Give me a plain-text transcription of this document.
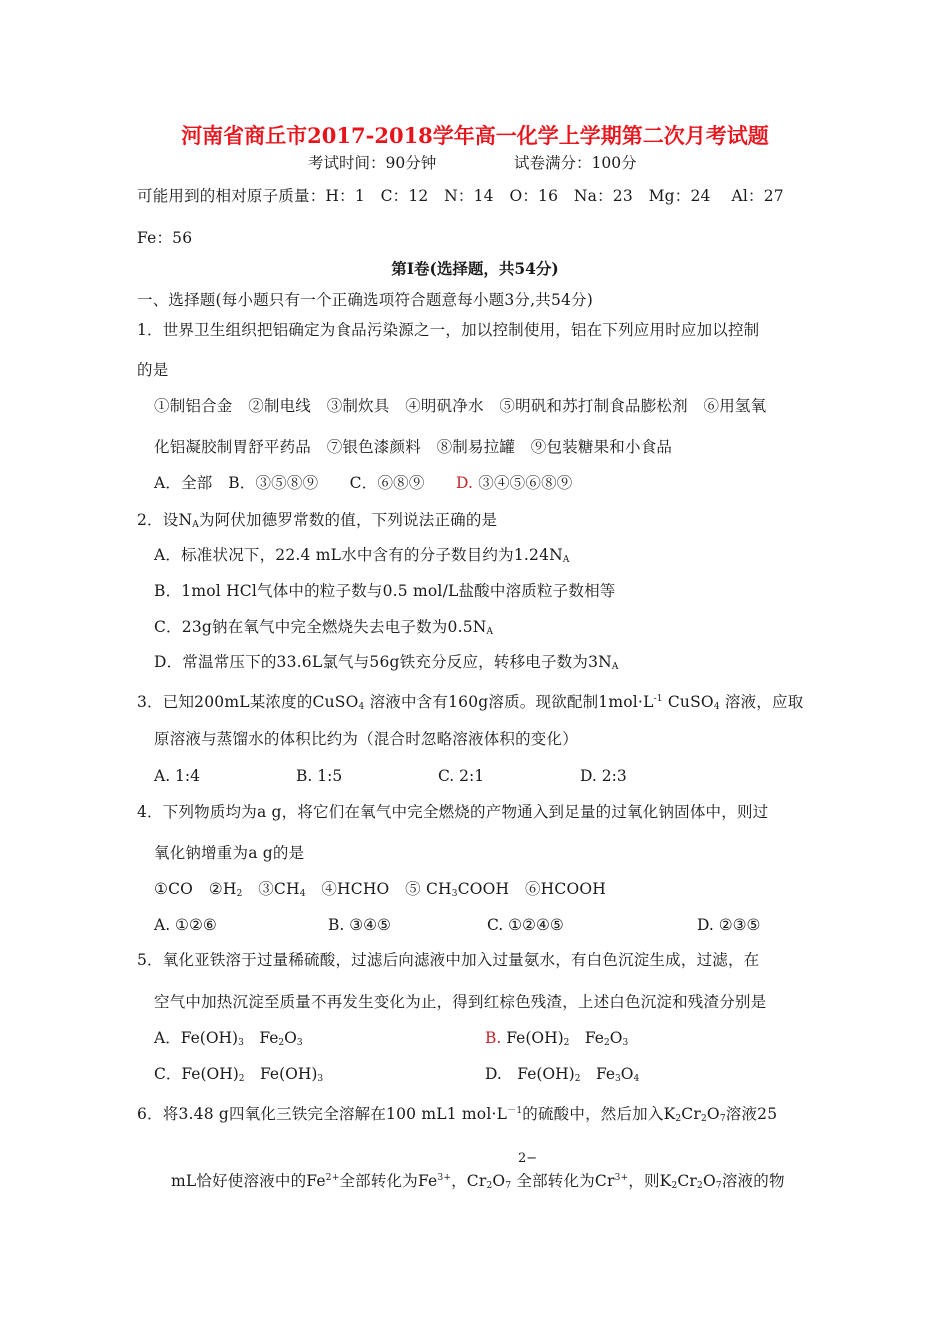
河南省商丘市2017-2018学年高一化学上学期第二次月考试题
考试时间：90分钟	试卷满分：100分
可能用到的相对原子质量：H：1　C：12　N：14　O：16　Na：23　Mg：24　 Al：27
Fe：56
第Ⅰ卷(选择题，共54分)
一、选择题(每小题只有一个正确选项符合题意每小题3分,共54分)
1．世界卫生组织把铝确定为食品污染源之一，加以控制使用，铝在下列应用时应加以控制
的是
①制铝合金　②制电线　③制炊具　④明矾净水　⑤明矾和苏打制食品膨松剂　⑥用氢氧
化铝凝胶制胃舒平药品　⑦银色漆颜料　⑧制易拉罐　⑨包装糖果和小食品
A．全部　B．③⑤⑧⑨　　C．⑥⑧⑨　　D. ③④⑤⑥⑧⑨
2．设$N_A$为阿伏加德罗常数的值，下列说法正确的是
A．标准状况下，22.4 mL水中含有的分子数目约为$1.24N_A$
B．1mol HCl气体中的粒子数与0.5 mol/L盐酸中溶质粒子数相等
C．23g钠在氧气中完全燃烧失去电子数为$0.5N_A$
D．常温常压下的33.6L氯气与56g铁充分反应，转移电子数为$3N_A$
3．已知200mL某浓度的CuSO$_4$ 溶液中含有160g溶质。现欲配制$1mol\cdot L^{-1}$ CuSO$_4$ 溶液，应取
原溶液与蒸馏水的体积比约为（混合时忽略溶液体积的变化）
A. 1:4	B. 1:5	C. 2:1	D. 2:3
4．下列物质均为a g，将它们在氧气中完全燃烧的产物通入到足量的过氧化钠固体中，则过
氧化钠增重为a g的是
①CO　$②H_2$　$③CH_4$　④HCHO　⑤ $CH_3COOH$　⑥HCOOH
A. ①②⑥	B. ③④⑤	C. ①②④⑤	D. ②③⑤
5．氧化亚铁溶于过量稀硫酸，过滤后向滤液中加入过量氨水，有白色沉淀生成，过滤，在
空气中加热沉淀至质量不再发生变化为止，得到红棕色残渣，上述白色沉淀和残渣分别是
A．$Fe(OH)_3$　$Fe_2O_3$	B. $Fe(OH)_2$　$Fe_2O_3$
C．$Fe(OH)_2$　$Fe(OH)_3$	D.　$Fe(OH)_2$　$Fe_3O_4$
6．将3.48 g四氧化三铁完全溶解在100 mL1 $mol\cdot L^{-1}$的硫酸中，然后加入$K_2Cr_2O_7$溶液25
2−
mL恰好使溶液中的$Fe^{2+}$全部转化为$Fe^{3+}$，$Cr_2O_7$ 全部转化为$Cr^{3+}$，则$K_2Cr_2O_7$溶液的物
